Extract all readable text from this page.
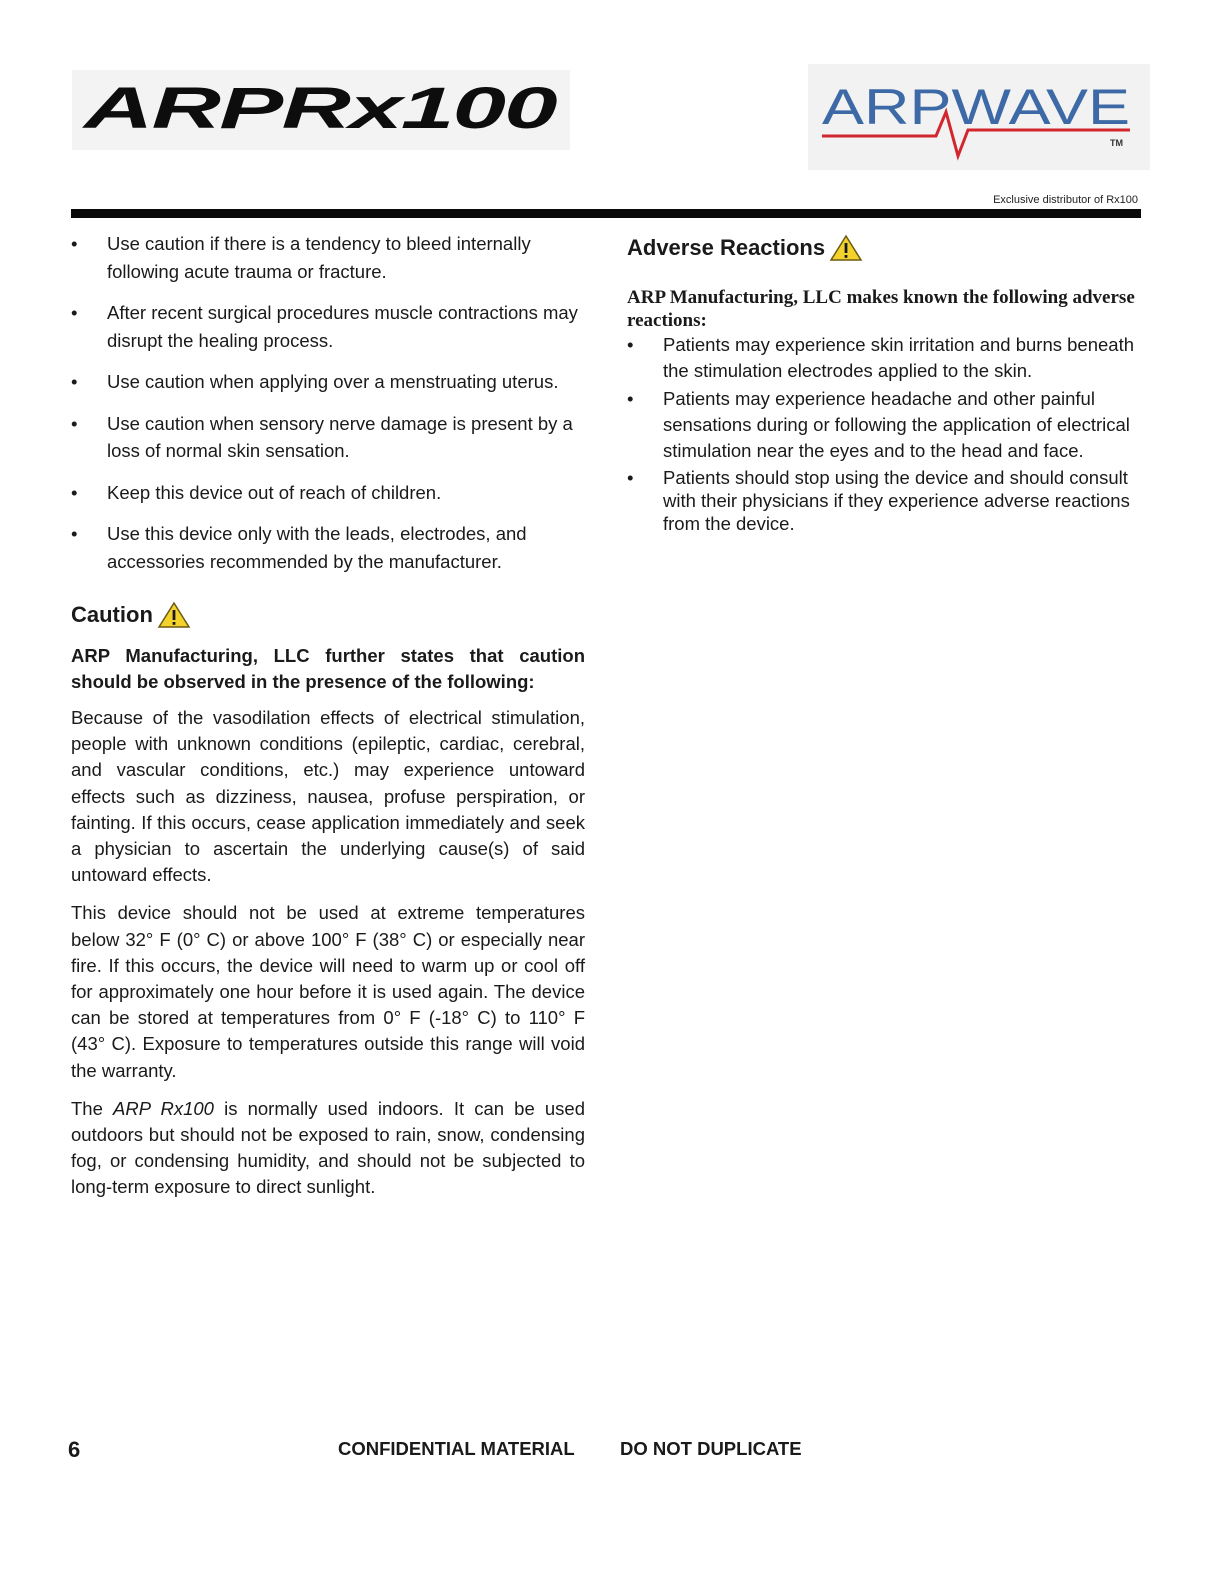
ARPRx100	ARPWAVE
TM
Exclusive distributor of Rx100
• Use caution if there is a tendency to bleed internally following acute trauma or fracture.
• After recent surgical procedures muscle contractions may disrupt the healing process.
• Use caution when applying over a menstruating uterus.
• Use caution when sensory nerve damage is present by a loss of normal skin sensation.
• Keep this device out of reach of children.
• Use this device only with the leads, electrodes, and accessories recommended by the manufacturer.
Caution

ARP Manufacturing, LLC further states that caution should be observed in the presence of the following:

Because of the vasodilation effects of electrical stimulation, people with unknown conditions (epileptic, cardiac, cerebral, and vascular conditions, etc.) may experience untoward effects such as dizziness, nausea, profuse perspiration, or fainting. If this occurs, cease application immediately and seek a physician to ascertain the underlying cause(s) of said untoward effects.

This device should not be used at extreme temperatures below 32° F (0° C) or above 100° F (38° C) or especially near fire. If this occurs, the device will need to warm up or cool off for approximately one hour before it is used again. The device can be stored at temperatures from 0° F (-18° C) to 110° F (43° C). Exposure to temperatures outside this range will void the warranty.

The ARP Rx100 is normally used indoors. It can be used outdoors but should not be exposed to rain, snow, condensing fog, or condensing humidity, and should not be subjected to long-term exposure to direct sunlight.

Adverse Reactions

ARP Manufacturing, LLC makes known the following adverse reactions:

• Patients may experience skin irritation and burns beneath the stimulation electrodes applied to the skin.
• Patients may experience headache and other painful sensations during or following the application of electrical stimulation near the eyes and to the head and face.
• Patients should stop using the device and should consult with their physicians if they experience adverse reactions from the device.
6	CONFIDENTIAL MATERIAL DO NOT DUPLICATE
